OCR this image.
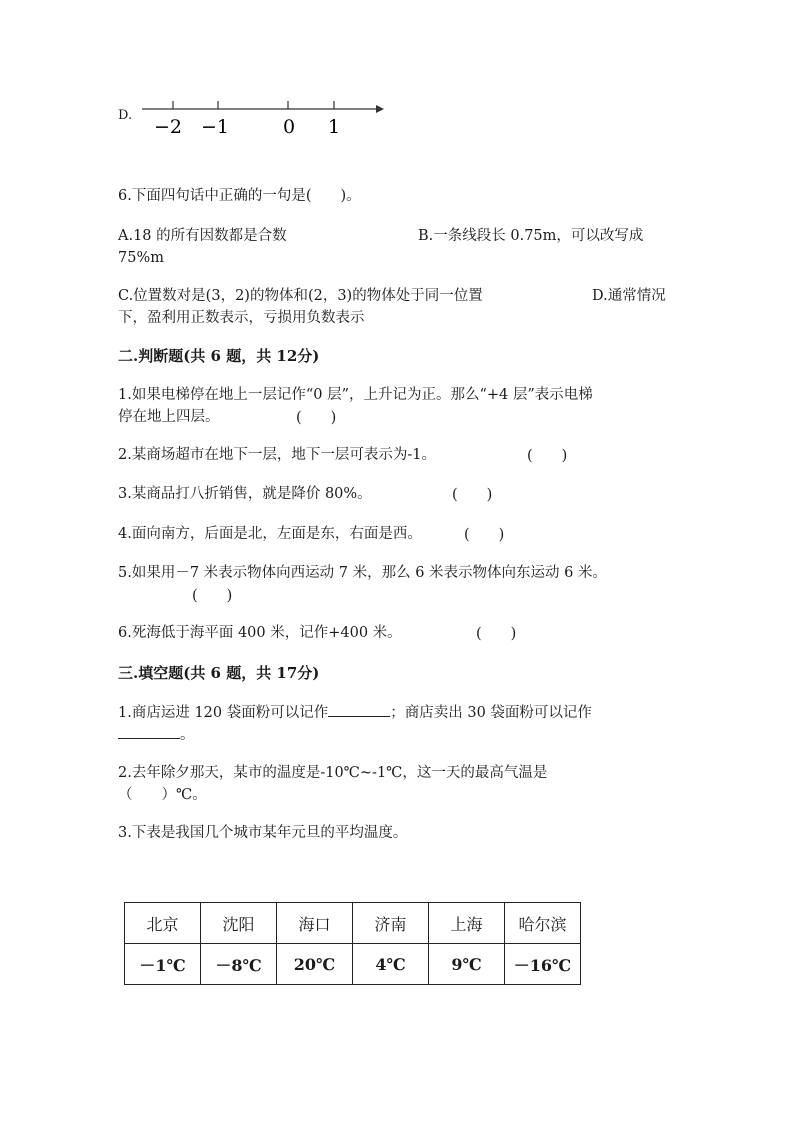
D.
−2 −1	0 1
6.下面四句话中正确的一句是(　　)。
A.18 的所有因数都是合数	B.一条线段长 0.75m，可以改写成
75%m
C.位置数对是(3，2)的物体和(2，3)的物体处于同一位置	D.通常情况
下，盈利用正数表示，亏损用负数表示
二.判断题(共 6 题，共 12分)
1.如果电梯停在地上一层记作“0 层”，上升记为正。那么“+4 层”表示电梯
停在地上四层。	(　　)
2.某商场超市在地下一层，地下一层可表示为-1。	(　　)
3.某商品打八折销售，就是降价 80%。	(　　)
4.面向南方，后面是北，左面是东，右面是西。	(　　)
5.如果用－7 米表示物体向西运动 7 米，那么 6 米表示物体向东运动 6 米。
(　　)
6.死海低于海平面 400 米，记作+400 米。	(　　)
三.填空题(共 6 题，共 17分)
1.商店运进 120 袋面粉可以记作	；商店卖出 30 袋面粉可以记作
。
2.去年除夕那天，某市的温度是-10℃~-1℃，这一天的最高气温是
（　　）℃。
3.下表是我国几个城市某年元旦的平均温度。
北京	沈阳	海口	济南	上海	哈尔滨
－1℃	－8℃	20℃	4℃	9℃	－16℃
